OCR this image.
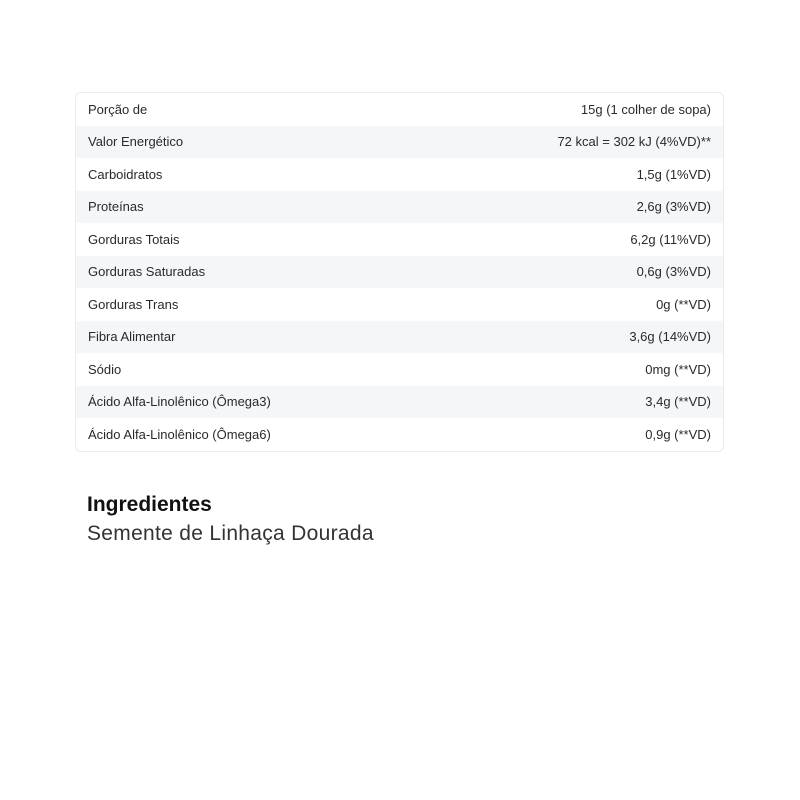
Porção de	15g (1 colher de sopa)
Valor Energético	72 kcal = 302 kJ (4%VD)**
Carboidratos	1,5g (1%VD)
Proteínas	2,6g (3%VD)
Gorduras Totais	6,2g (11%VD)
Gorduras Saturadas	0,6g (3%VD)
Gorduras Trans	0g (**VD)
Fibra Alimentar	3,6g (14%VD)
Sódio	0mg (**VD)
Ácido Alfa-Linolênico (Ômega3)	3,4g (**VD)
Ácido Alfa-Linolênico (Ômega6)	0,9g (**VD)
Ingredientes

Semente de Linhaça Dourada
